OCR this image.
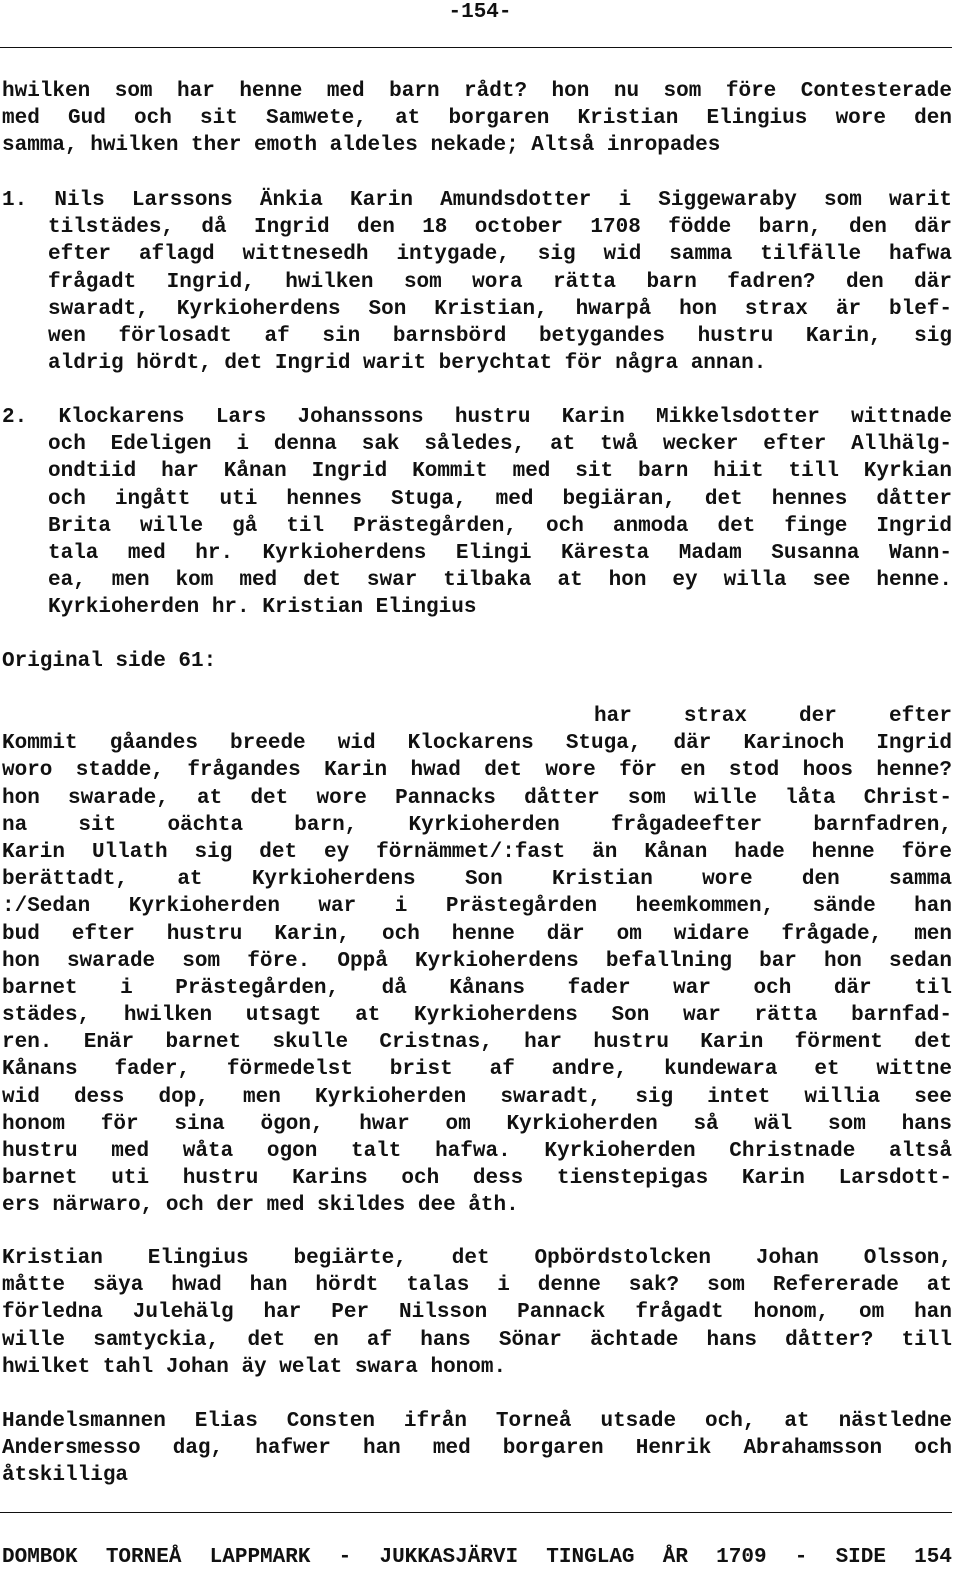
-154-
hwilken som har henne med barn rådt? hon nu som före Contesterade
med Gud och sit Samwete, at borgaren Kristian Elingius wore den
samma, hwilken ther emoth aldeles nekade; Altså inropades
1. Nils Larssons Änkia Karin Amundsdotter i Siggewaraby som warit
tilstädes, då Ingrid den 18 october 1708 födde barn, den där
efter aflagd wittnesedh intygade, sig wid samma tilfälle hafwa
frågadt Ingrid, hwilken som wora rätta barn fadren? den där
swaradt, Kyrkioherdens Son Kristian, hwarpå hon strax är blef-
wen förlosadt af sin barnsbörd betygandes hustru Karin, sig
aldrig hördt, det Ingrid warit berychtat för några annan.
2. Klockarens Lars Johanssons hustru Karin Mikkelsdotter wittnade
och Edeligen i denna sak således, at twå wecker efter Allhälg-
ondtiid har Kånan Ingrid Kommit med sit barn hiit till Kyrkian
och ingått uti hennes Stuga, med begiäran, det hennes dåtter
Brita wille gå til Prästegården, och anmoda det finge Ingrid
tala med hr. Kyrkioherdens Elingi Käresta Madam Susanna Wann-
ea, men kom med det swar tilbaka at hon ey willa see henne.
Kyrkioherden hr. Kristian Elingius
Original side 61:
har strax der efter
Kommit gåandes breede wid Klockarens Stuga, där Karinoch Ingrid
woro stadde, frågandes Karin hwad det wore för en stod hoos henne?
hon swarade, at det wore Pannacks dåtter som wille låta Christ-
na sit oächta barn, Kyrkioherden frågadeefter barnfadren,
Karin Ullath sig det ey förnämmet/:fast än Kånan hade henne före
berättadt, at Kyrkioherdens Son Kristian wore den samma
:/Sedan Kyrkioherden war i Prästegården heemkommen, sände han
bud efter hustru Karin, och henne där om widare frågade, men
hon swarade som före. Oppå Kyrkioherdens befallning bar hon sedan
barnet i Prästegården, då Kånans fader war och där til
städes, hwilken utsagt at Kyrkioherdens Son war rätta barnfad-
ren. Enär barnet skulle Cristnas, har hustru Karin förment det
Kånans fader, förmedelst brist af andre, kundewara et wittne
wid dess dop, men Kyrkioherden swaradt, sig intet willia see
honom för sina ögon, hwar om Kyrkioherden så wäl som hans
hustru med wåta ogon talt hafwa. Kyrkioherden Christnade altså
barnet uti hustru Karins och dess tienstepigas Karin Larsdott-
ers närwaro, och der med skildes dee åth.
Kristian Elingius begiärte, det Opbördstolcken Johan Olsson,
måtte säya hwad han hördt talas i denne sak? som Refererade at
förledna Julehälg har Per Nilsson Pannack frågadt honom, om han
wille samtyckia, det en af hans Sönar ächtade hans dåtter? till
hwilket tahl Johan äy welat swara honom.
Handelsmannen Elias Consten ifrån Torneå utsade och, at nästledne
Andersmesso dag, hafwer han med borgaren Henrik Abrahamsson och
åtskilliga
DOMBOK TORNEÅ LAPPMARK - JUKKASJÄRVI TINGLAG ÅR 1709 - SIDE 154
